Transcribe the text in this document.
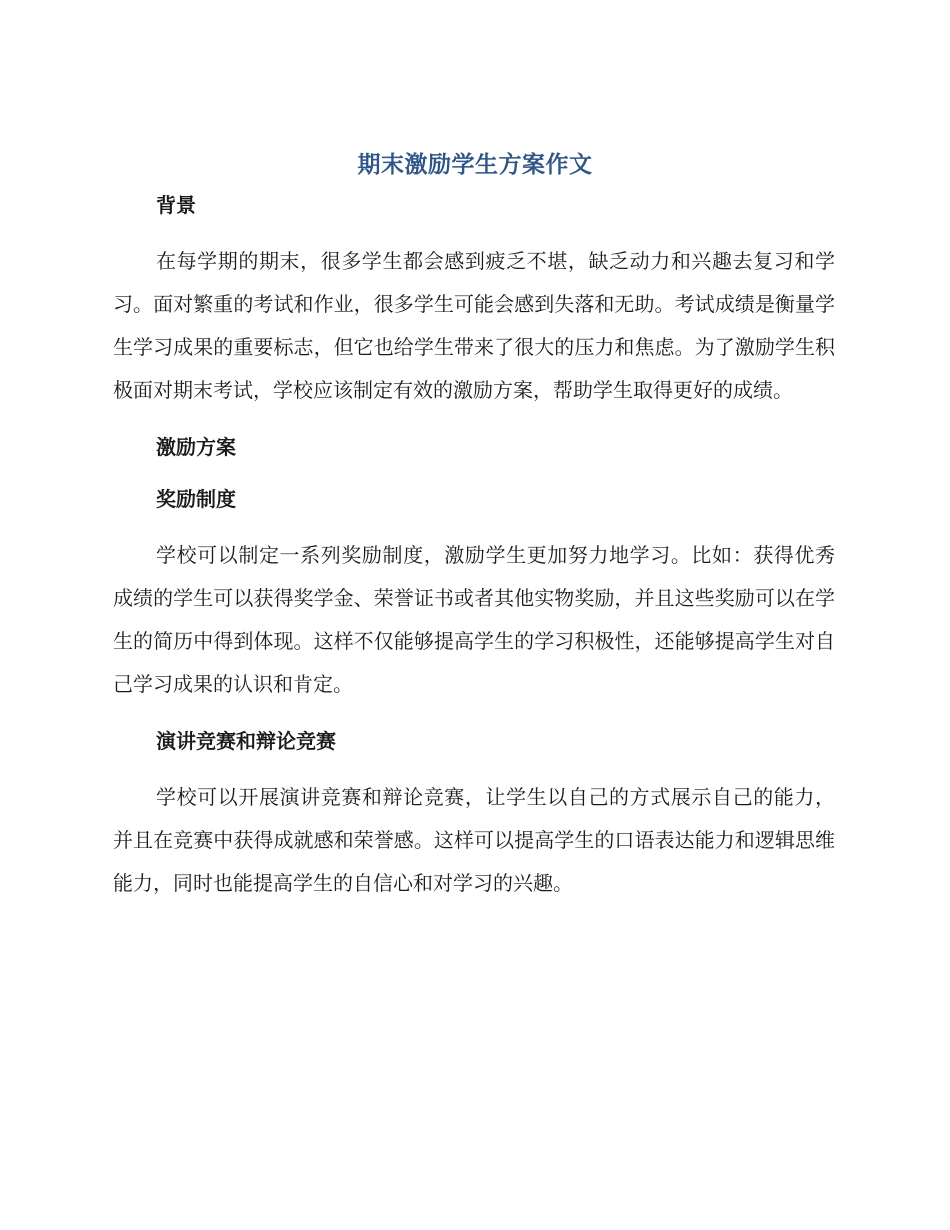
期末激励学生方案作文
背景

在每学期的期末，很多学生都会感到疲乏不堪，缺乏动力和兴趣去复习和学习。面对繁重的考试和作业，很多学生可能会感到失落和无助。考试成绩是衡量学生学习成果的重要标志，但它也给学生带来了很大的压力和焦虑。为了激励学生积极面对期末考试，学校应该制定有效的激励方案，帮助学生取得更好的成绩。

激励方案
奖励制度

学校可以制定一系列奖励制度，激励学生更加努力地学习。比如：获得优秀成绩的学生可以获得奖学金、荣誉证书或者其他实物奖励，并且这些奖励可以在学生的简历中得到体现。这样不仅能够提高学生的学习积极性，还能够提高学生对自己学习成果的认识和肯定。

演讲竞赛和辩论竞赛

学校可以开展演讲竞赛和辩论竞赛，让学生以自己的方式展示自己的能力，并且在竞赛中获得成就感和荣誉感。这样可以提高学生的口语表达能力和逻辑思维能力，同时也能提高学生的自信心和对学习的兴趣。
